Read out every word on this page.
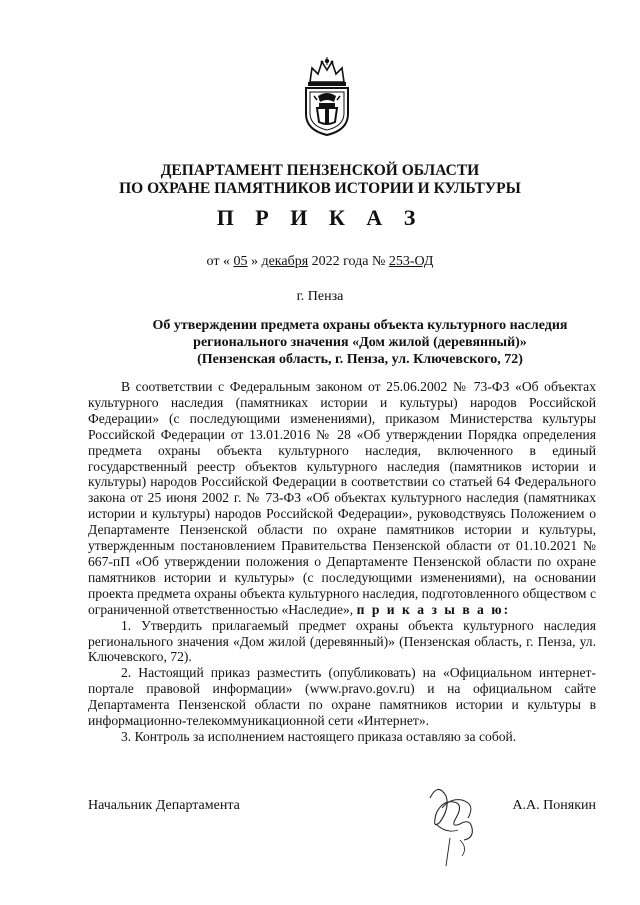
ДЕПАРТАМЕНТ ПЕНЗЕНСКОЙ ОБЛАСТИ
ПО ОХРАНЕ ПАМЯТНИКОВ ИСТОРИИ И КУЛЬТУРЫ
П Р И К А З
от « 05 » декабря 2022 года № 253-ОД
г. Пенза
Об утверждении предмета охраны объекта культурного наследия
регионального значения «Дом жилой (деревянный)»
(Пензенская область, г. Пенза, ул. Ключевского, 72)

В соответствии с Федеральным законом от 25.06.2002 № 73-ФЗ «Об объектах культурного наследия (памятниках истории и культуры) народов Российской Федерации» (с последующими изменениями), приказом Министерства культуры Российской Федерации от 13.01.2016 № 28 «Об утверждении Порядка определения предмета охраны объекта культурного наследия, включенного в единый государственный реестр объектов культурного наследия (памятников истории и культуры) народов Российской Федерации в соответствии со статьей 64 Федерального закона от 25 июня 2002 г. № 73-ФЗ «Об объектах культурного наследия (памятниках истории и культуры) народов Российской Федерации», руководствуясь Положением о Департаменте Пензенской области по охране памятников истории и культуры, утвержденным постановлением Правительства Пензенской области от 01.10.2021 № 667-пП «Об утверждении положения о Департаменте Пензенской области по охране памятников истории и культуры» (с последующими изменениями), на основании проекта предмета охраны объекта культурного наследия, подготовленного обществом с ограниченной ответственностью «Наследие», п р и к а з ы в а ю:

1. Утвердить прилагаемый предмет охраны объекта культурного наследия регионального значения «Дом жилой (деревянный)» (Пензенская область, г. Пенза, ул. Ключевского, 72).

2. Настоящий приказ разместить (опубликовать) на «Официальном интернет-портале правовой информации» (www.pravo.gov.ru) и на официальном сайте Департамента Пензенской области по охране памятников истории и культуры в информационно-телекоммуникационной сети «Интернет».

3. Контроль за исполнением настоящего приказа оставляю за собой.

Начальник Департамента	А.А. Понякин
